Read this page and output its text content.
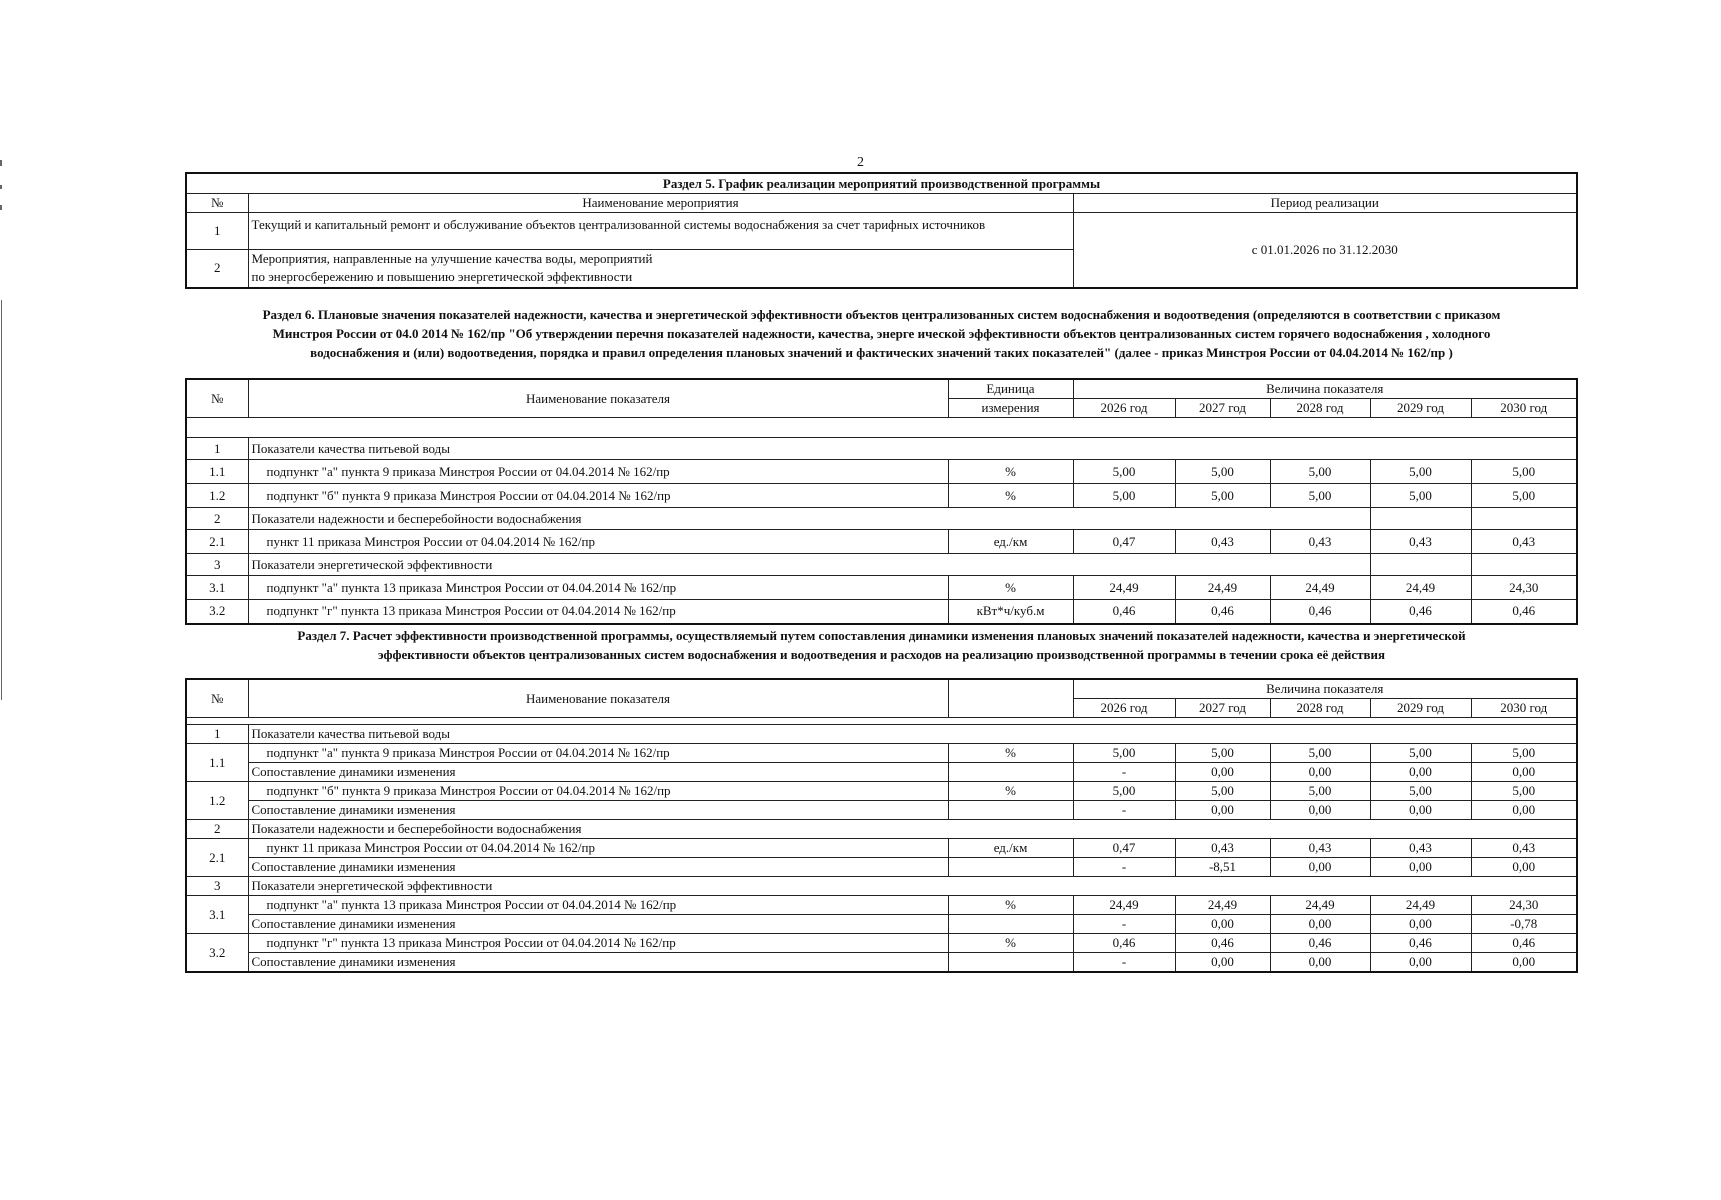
2
Раздел 5. График реализации мероприятий производственной программы		
№	Наименование мероприятия	Период реализации
1	Текущий и капитальный ремонт и обслуживание объектов централизованной системы водоснабжения за счет тарифных источников	с 01.01.2026 по 31.12.2030
2	Мероприятия, направленные на улучшение качества воды, мероприятий
по энергосбережению и повышению энергетической эффективности	
Раздел 6. Плановые значения показателей надежности, качества и энергетической эффективности объектов централизованных систем водоснабжения и водоотведения (определяются в соответствии с приказом
Минстроя России от 04.0 2014 № 162/пр "Об утверждении перечня показателей надежности, качества, энерге ической эффективности объектов централизованных систем горячего водоснабжения , холодного
водоснабжения и (или) водоотведения, порядка и правил определения плановых значений и фактических значений таких показателей" (далее - приказ Минстроя России от 04.04.2014 № 162/пр )
№	Наименование показателя	Единица	Величина показателя				
		измерения	2026 год	2027 год	2028 год	2029 год	2030 год

1	Показатели качества питьевой воды						
1.1	подпункт "а" пункта 9 приказа Минстроя России от 04.04.2014 № 162/пр	%	5,00	5,00	5,00	5,00	5,00
1.2	подпункт "б" пункта 9 приказа Минстроя России от 04.04.2014 № 162/пр	%	5,00	5,00	5,00	5,00	5,00
2	Показатели надежности и бесперебойности водоснабжения						
2.1	пункт 11 приказа Минстроя России от 04.04.2014 № 162/пр	ед./км	0,47	0,43	0,43	0,43	0,43
3	Показатели энергетической эффективности						
3.1	подпункт "а" пункта 13 приказа Минстроя России от 04.04.2014 № 162/пр	%	24,49	24,49	24,49	24,49	24,30
3.2	подпункт "г" пункта 13 приказа Минстроя России от 04.04.2014 № 162/пр	кВт*ч/куб.м	0,46	0,46	0,46	0,46	0,46
Раздел 7. Расчет эффективности производственной программы, осуществляемый путем сопоставления динамики изменения плановых значений показателей надежности, качества и энергетической
эффективности объектов централизованных систем водоснабжения и водоотведения и расходов на реализацию производственной программы в течении срока её действия
№	Наименование показателя		Величина показателя				
			2026 год	2027 год	2028 год	2029 год	2030 год

1	Показатели качества питьевой воды						
1.1	подпункт "а" пункта 9 приказа Минстроя России от 04.04.2014 № 162/пр	%	5,00	5,00	5,00	5,00	5,00
	Сопоставление динамики изменения		-	0,00	0,00	0,00	0,00
1.2	подпункт "б" пункта 9 приказа Минстроя России от 04.04.2014 № 162/пр	%	5,00	5,00	5,00	5,00	5,00
	Сопоставление динамики изменения		-	0,00	0,00	0,00	0,00
2	Показатели надежности и бесперебойности водоснабжения						
2.1	пункт 11 приказа Минстроя России от 04.04.2014 № 162/пр	ед./км	0,47	0,43	0,43	0,43	0,43
	Сопоставление динамики изменения		-	-8,51	0,00	0,00	0,00
3	Показатели энергетической эффективности						
3.1	подпункт "а" пункта 13 приказа Минстроя России от 04.04.2014 № 162/пр	%	24,49	24,49	24,49	24,49	24,30
	Сопоставление динамики изменения		-	0,00	0,00	0,00	-0,78
3.2	подпункт "г" пункта 13 приказа Минстроя России от 04.04.2014 № 162/пр	%	0,46	0,46	0,46	0,46	0,46
	Сопоставление динамики изменения		-	0,00	0,00	0,00	0,00
